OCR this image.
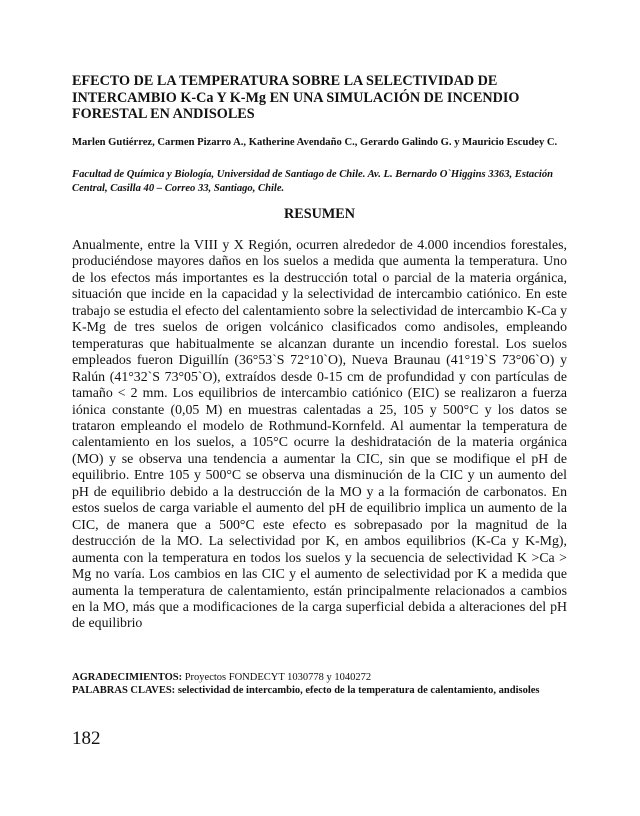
EFECTO DE LA TEMPERATURA SOBRE LA SELECTIVIDAD DE INTERCAMBIO K-Ca Y K-Mg EN UNA SIMULACIÓN DE INCENDIO FORESTAL EN ANDISOLES

Marlen Gutiérrez, Carmen Pizarro A., Katherine Avendaño C., Gerardo Galindo G. y Mauricio Escudey C.

Facultad de Química y Biología, Universidad de Santiago de Chile. Av. L. Bernardo O`Higgins 3363, Estación Central, Casilla 40 – Correo 33, Santiago, Chile.

RESUMEN

Anualmente, entre la VIII y X Región, ocurren alrededor de 4.000 incendios forestales, produciéndose mayores daños en los suelos a medida que aumenta la temperatura. Uno de los efectos más importantes es la destrucción total o parcial de la materia orgánica, situación que incide en la capacidad y la selectividad de intercambio catiónico. En este trabajo se estudia el efecto del calentamiento sobre la selectividad de intercambio K-Ca y K-Mg de tres suelos de origen volcánico clasificados como andisoles, empleando temperaturas que habitualmente se alcanzan durante un incendio forestal. Los suelos empleados fueron Diguillín (36°53`S 72°10`O), Nueva Braunau (41°19`S 73°06`O) y Ralún (41°32`S 73°05`O), extraídos desde 0-15 cm de profundidad y con partículas de tamaño < 2 mm. Los equilibrios de intercambio catiónico (EIC) se realizaron a fuerza iónica constante (0,05 M) en muestras calentadas a 25, 105 y 500°C y los datos se trataron empleando el modelo de Rothmund-Kornfeld. Al aumentar la temperatura de calentamiento en los suelos, a 105°C ocurre la deshidratación de la materia orgánica (MO) y se observa una tendencia a aumentar la CIC, sin que se modifique el pH de equilibrio. Entre 105 y 500°C se observa una disminución de la CIC y un aumento del pH de equilibrio debido a la destrucción de la MO y a la formación de carbonatos. En estos suelos de carga variable el aumento del pH de equilibrio implica un aumento de la CIC, de manera que a 500°C este efecto es sobrepasado por la magnitud de la destrucción de la MO. La selectividad por K, en ambos equilibrios (K-Ca y K-Mg), aumenta con la temperatura en todos los suelos y la secuencia de selectividad K >Ca > Mg no varía. Los cambios en las CIC y el aumento de selectividad por K a medida que aumenta la temperatura de calentamiento, están principalmente relacionados a cambios en la MO, más que a modificaciones de la carga superficial debida a alteraciones del pH de equilibrio

AGRADECIMIENTOS: Proyectos FONDECYT 1030778 y 1040272

PALABRAS CLAVES: selectividad de intercambio, efecto de la temperatura de calentamiento, andisoles

182
